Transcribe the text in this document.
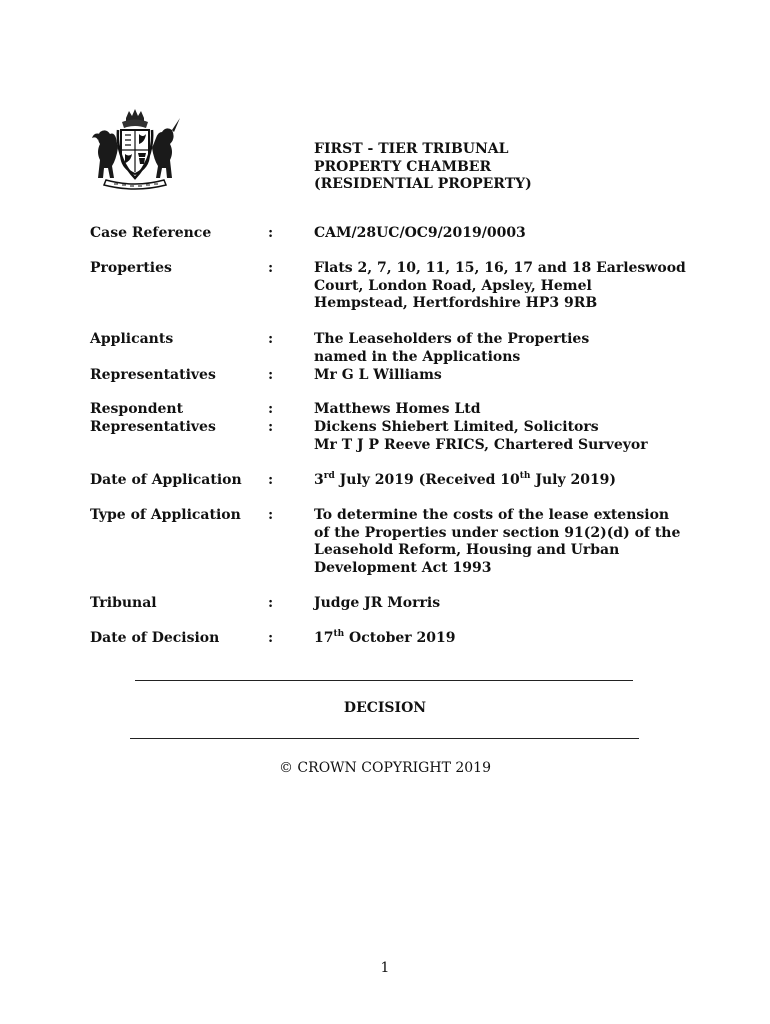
FIRST - TIER TRIBUNAL
PROPERTY CHAMBER
(RESIDENTIAL PROPERTY)
Case Reference	:	CAM/28UC/OC9/2019/0003
Properties	:	Flats 2, 7, 10, 11, 15, 16, 17 and 18 Earleswood
Court, London Road, Apsley, Hemel
Hempstead, Hertfordshire HP3 9RB
Applicants	:	The Leaseholders of the Properties
named in the Applications
Representatives	:	Mr G L Williams
Respondent	:	Matthews Homes Ltd
Representatives	:	Dickens Shiebert Limited, Solicitors
Mr T J P Reeve FRICS, Chartered Surveyor
Date of Application :	3rd July 2019 (Received 10th July 2019)
Type of Application :	To determine the costs of the lease extension
of the Properties under section 91(2)(d) of the
Leasehold Reform, Housing and Urban
Development Act 1993
Tribunal	:	Judge JR Morris
Date of Decision	:	17th October 2019
DECISION
© CROWN COPYRIGHT 2019
1
